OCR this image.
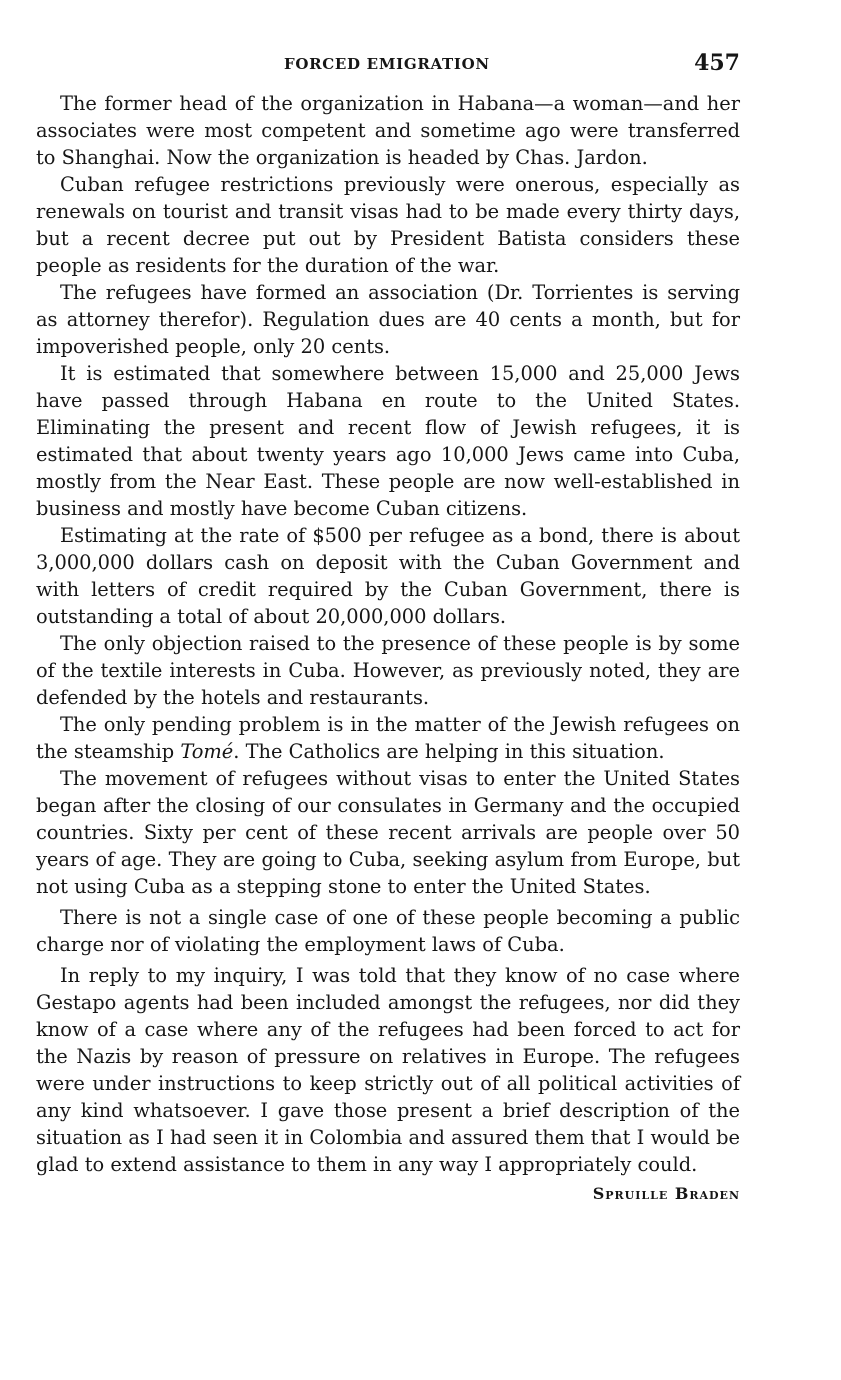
FORCED EMIGRATION	457

The former head of the organization in Habana—a woman—and her associates were most competent and sometime ago were transferred to Shanghai. Now the organization is headed by Chas. Jardon.

Cuban refugee restrictions previously were onerous, especially as renewals on tourist and transit visas had to be made every thirty days, but a recent decree put out by President Batista considers these people as residents for the duration of the war.

The refugees have formed an association (Dr. Torrientes is serving as attorney therefor). Regulation dues are 40 cents a month, but for impoverished people, only 20 cents.

It is estimated that somewhere between 15,000 and 25,000 Jews have passed through Habana en route to the United States. Eliminating the present and recent flow of Jewish refugees, it is estimated that about twenty years ago 10,000 Jews came into Cuba, mostly from the Near East. These people are now well-established in business and mostly have become Cuban citizens.

Estimating at the rate of $500 per refugee as a bond, there is about 3,000,000 dollars cash on deposit with the Cuban Government and with letters of credit required by the Cuban Government, there is outstanding a total of about 20,000,000 dollars.

The only objection raised to the presence of these people is by some of the textile interests in Cuba. However, as previously noted, they are defended by the hotels and restaurants.

The only pending problem is in the matter of the Jewish refugees on the steamship Tomé. The Catholics are helping in this situation.

The movement of refugees without visas to enter the United States began after the closing of our consulates in Germany and the occupied countries. Sixty per cent of these recent arrivals are people over 50 years of age. They are going to Cuba, seeking asylum from Europe, but not using Cuba as a stepping stone to enter the United States.

There is not a single case of one of these people becoming a public charge nor of violating the employment laws of Cuba.

In reply to my inquiry, I was told that they know of no case where Gestapo agents had been included amongst the refugees, nor did they know of a case where any of the refugees had been forced to act for the Nazis by reason of pressure on relatives in Europe. The refugees were under instructions to keep strictly out of all political activities of any kind whatsoever. I gave those present a brief description of the situation as I had seen it in Colombia and assured them that I would be glad to extend assistance to them in any way I appropriately could.

Spruille Braden
